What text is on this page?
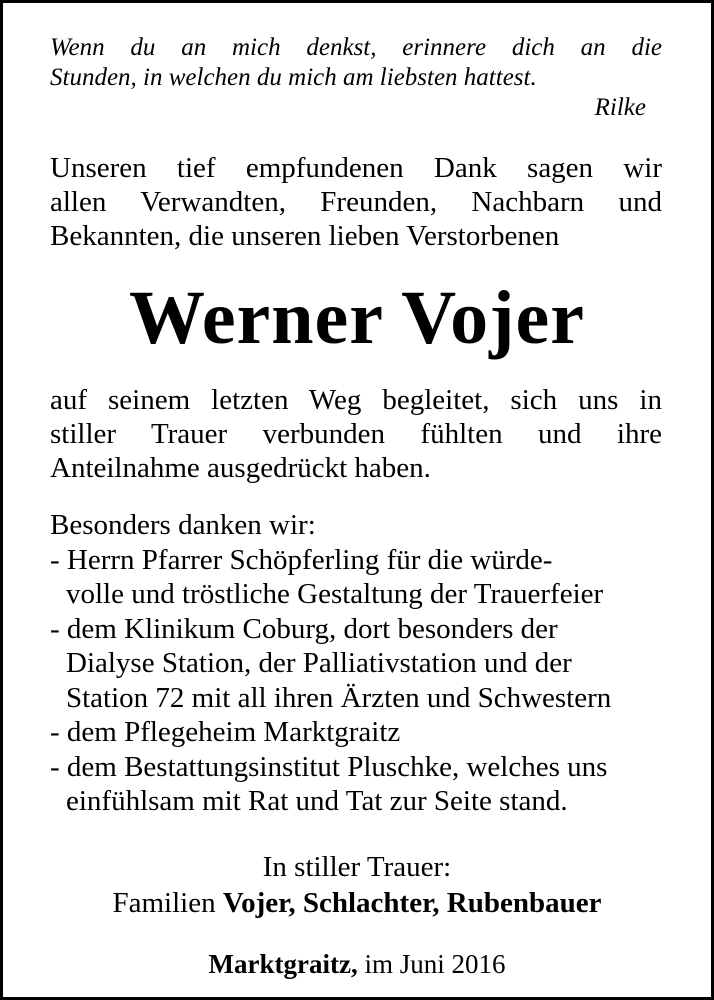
Wenn du an mich denkst, erinnere dich an die
Stunden, in welchen du mich am liebsten hattest.
Rilke
Unseren tief empfundenen Dank sagen wir
allen Verwandten, Freunden, Nachbarn und
Bekannten, die unseren lieben Verstorbenen
Werner Vojer
auf seinem letzten Weg begleitet, sich uns in
stiller Trauer verbunden fühlten und ihre
Anteilnahme ausgedrückt haben.
Besonders danken wir:
- Herrn Pfarrer Schöpferling für die würde-
volle und tröstliche Gestaltung der Trauerfeier
- dem Klinikum Coburg, dort besonders der
Dialyse Station, der Palliativstation und der
Station 72 mit all ihren Ärzten und Schwestern
- dem Pflegeheim Marktgraitz
- dem Bestattungsinstitut Pluschke, welches uns
einfühlsam mit Rat und Tat zur Seite stand.
In stiller Trauer:
Familien Vojer, Schlachter, Rubenbauer
Marktgraitz, im Juni 2016
